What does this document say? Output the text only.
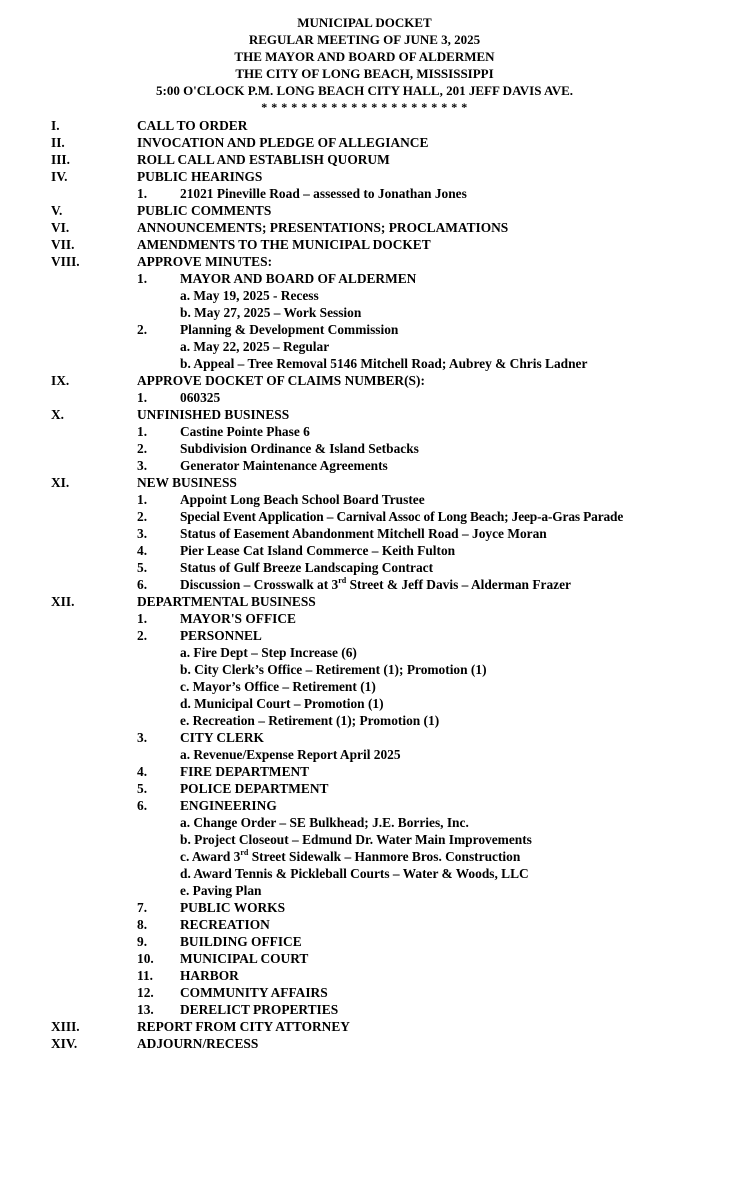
MUNICIPAL DOCKET
REGULAR MEETING OF JUNE 3, 2025
THE MAYOR AND BOARD OF ALDERMEN
THE CITY OF LONG BEACH, MISSISSIPPI
5:00 O'CLOCK P.M. LONG BEACH CITY HALL, 201 JEFF DAVIS AVE.
* * * * * * * * * * * * * * * * * * * * *
I.	CALL TO ORDER
II.	INVOCATION AND PLEDGE OF ALLEGIANCE
III.	ROLL CALL AND ESTABLISH QUORUM
IV.	PUBLIC HEARINGS
1. 21021 Pineville Road – assessed to Jonathan Jones
V.	PUBLIC COMMENTS
VI.	ANNOUNCEMENTS; PRESENTATIONS; PROCLAMATIONS
VII.	AMENDMENTS TO THE MUNICIPAL DOCKET
VIII.	APPROVE MINUTES:
1. MAYOR AND BOARD OF ALDERMEN
a. May 19, 2025 - Recess
b. May 27, 2025 – Work Session
2. Planning & Development Commission
a. May 22, 2025 – Regular
b. Appeal – Tree Removal 5146 Mitchell Road; Aubrey & Chris Ladner
IX.	APPROVE DOCKET OF CLAIMS NUMBER(S):
1. 060325
X.	UNFINISHED BUSINESS
1. Castine Pointe Phase 6
2. Subdivision Ordinance & Island Setbacks
3. Generator Maintenance Agreements
XI.	NEW BUSINESS
1. Appoint Long Beach School Board Trustee
2. Special Event Application – Carnival Assoc of Long Beach; Jeep-a-Gras Parade
3. Status of Easement Abandonment Mitchell Road – Joyce Moran
4. Pier Lease Cat Island Commerce – Keith Fulton
5. Status of Gulf Breeze Landscaping Contract
6. Discussion – Crosswalk at 3rd Street & Jeff Davis – Alderman Frazer
XII.	DEPARTMENTAL BUSINESS
1. MAYOR'S OFFICE
2. PERSONNEL
a. Fire Dept – Step Increase (6)
b. City Clerk’s Office – Retirement (1); Promotion (1)
c. Mayor’s Office – Retirement (1)
d. Municipal Court – Promotion (1)
e. Recreation – Retirement (1); Promotion (1)
3. CITY CLERK
a. Revenue/Expense Report April 2025
4. FIRE DEPARTMENT
5. POLICE DEPARTMENT
6. ENGINEERING
a. Change Order – SE Bulkhead; J.E. Borries, Inc.
b. Project Closeout – Edmund Dr. Water Main Improvements
c. Award 3rd Street Sidewalk – Hanmore Bros. Construction
d. Award Tennis & Pickleball Courts – Water & Woods, LLC
e. Paving Plan
7. PUBLIC WORKS
8. RECREATION
9. BUILDING OFFICE
10. MUNICIPAL COURT
11. HARBOR
12. COMMUNITY AFFAIRS
13. DERELICT PROPERTIES
XIII.	REPORT FROM CITY ATTORNEY
XIV.	ADJOURN/RECESS
